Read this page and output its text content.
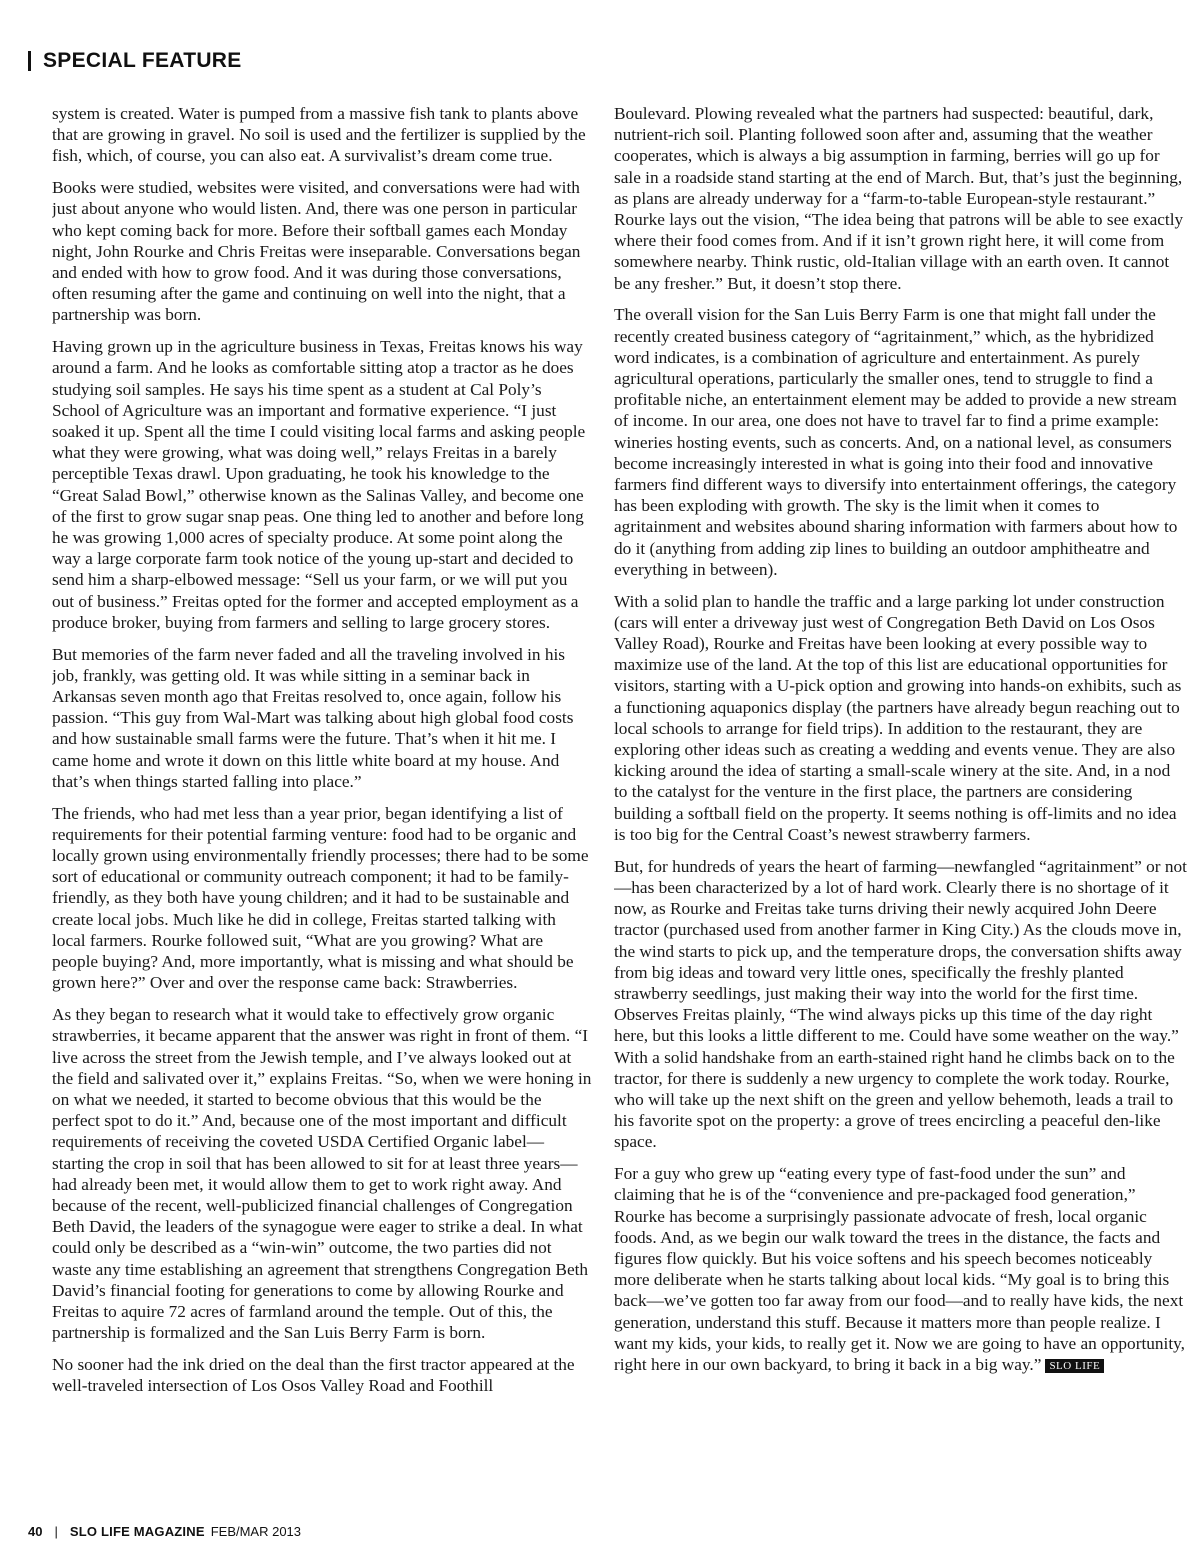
SPECIAL FEATURE

system is created. Water is pumped from a massive fish tank to plants above that are growing in gravel. No soil is used and the fertilizer is supplied by the fish, which, of course, you can also eat. A survivalist’s dream come true.

Books were studied, websites were visited, and conversations were had with just about anyone who would listen. And, there was one person in particular who kept coming back for more. Before their softball games each Monday night, John Rourke and Chris Freitas were inseparable. Conversations began and ended with how to grow food. And it was during those conversations, often resuming after the game and continuing on well into the night, that a partnership was born.

Having grown up in the agriculture business in Texas, Freitas knows his way around a farm. And he looks as comfortable sitting atop a tractor as he does studying soil samples. He says his time spent as a student at Cal Poly’s School of Agriculture was an important and formative experience. “I just soaked it up. Spent all the time I could visiting local farms and asking people what they were growing, what was doing well,” relays Freitas in a barely perceptible Texas drawl. Upon graduating, he took his knowledge to the “Great Salad Bowl,” otherwise known as the Salinas Valley, and become one of the first to grow sugar snap peas. One thing led to another and before long he was growing 1,000 acres of specialty produce. At some point along the way a large corporate farm took notice of the young up-start and decided to send him a sharp-elbowed message: “Sell us your farm, or we will put you out of business.” Freitas opted for the former and accepted employment as a produce broker, buying from farmers and selling to large grocery stores.

But memories of the farm never faded and all the traveling involved in his job, frankly, was getting old. It was while sitting in a seminar back in Arkansas seven month ago that Freitas resolved to, once again, follow his passion. “This guy from Wal-Mart was talking about high global food costs and how sustainable small farms were the future. That’s when it hit me. I came home and wrote it down on this little white board at my house. And that’s when things started falling into place.”

The friends, who had met less than a year prior, began identifying a list of requirements for their potential farming venture: food had to be organic and locally grown using environmentally friendly processes; there had to be some sort of educational or community outreach component; it had to be family-friendly, as they both have young children; and it had to be sustainable and create local jobs. Much like he did in college, Freitas started talking with local farmers. Rourke followed suit, “What are you growing? What are people buying? And, more importantly, what is missing and what should be grown here?” Over and over the response came back: Strawberries.

As they began to research what it would take to effectively grow organic strawberries, it became apparent that the answer was right in front of them. “I live across the street from the Jewish temple, and I’ve always looked out at the field and salivated over it,” explains Freitas. “So, when we were honing in on what we needed, it started to become obvious that this would be the perfect spot to do it.” And, because one of the most important and difficult requirements of receiving the coveted USDA Certified Organic label—starting the crop in soil that has been allowed to sit for at least three years—had already been met, it would allow them to get to work right away. And because of the recent, well-publicized financial challenges of Congregation Beth David, the leaders of the synagogue were eager to strike a deal. In what could only be described as a “win-win” outcome, the two parties did not waste any time establishing an agreement that strengthens Congregation Beth David’s financial footing for generations to come by allowing Rourke and Freitas to aquire 72 acres of farmland around the temple. Out of this, the partnership is formalized and the San Luis Berry Farm is born.

No sooner had the ink dried on the deal than the first tractor appeared at the well-traveled intersection of Los Osos Valley Road and Foothill

Boulevard. Plowing revealed what the partners had suspected: beautiful, dark, nutrient-rich soil. Planting followed soon after and, assuming that the weather cooperates, which is always a big assumption in farming, berries will go up for sale in a roadside stand starting at the end of March. But, that’s just the beginning, as plans are already underway for a “farm-to-table European-style restaurant.” Rourke lays out the vision, “The idea being that patrons will be able to see exactly where their food comes from. And if it isn’t grown right here, it will come from somewhere nearby. Think rustic, old-Italian village with an earth oven. It cannot be any fresher.” But, it doesn’t stop there.

The overall vision for the San Luis Berry Farm is one that might fall under the recently created business category of “agritainment,” which, as the hybridized word indicates, is a combination of agriculture and entertainment. As purely agricultural operations, particularly the smaller ones, tend to struggle to find a profitable niche, an entertainment element may be added to provide a new stream of income. In our area, one does not have to travel far to find a prime example: wineries hosting events, such as concerts. And, on a national level, as consumers become increasingly interested in what is going into their food and innovative farmers find different ways to diversify into entertainment offerings, the category has been exploding with growth. The sky is the limit when it comes to agritainment and websites abound sharing information with farmers about how to do it (anything from adding zip lines to building an outdoor amphitheatre and everything in between).

With a solid plan to handle the traffic and a large parking lot under construction (cars will enter a driveway just west of Congregation Beth David on Los Osos Valley Road), Rourke and Freitas have been looking at every possible way to maximize use of the land. At the top of this list are educational opportunities for visitors, starting with a U-pick option and growing into hands-on exhibits, such as a functioning aquaponics display (the partners have already begun reaching out to local schools to arrange for field trips). In addition to the restaurant, they are exploring other ideas such as creating a wedding and events venue. They are also kicking around the idea of starting a small-scale winery at the site. And, in a nod to the catalyst for the venture in the first place, the partners are considering building a softball field on the property. It seems nothing is off-limits and no idea is too big for the Central Coast’s newest strawberry farmers.

But, for hundreds of years the heart of farming—newfangled “agritainment” or not—has been characterized by a lot of hard work. Clearly there is no shortage of it now, as Rourke and Freitas take turns driving their newly acquired John Deere tractor (purchased used from another farmer in King City.) As the clouds move in, the wind starts to pick up, and the temperature drops, the conversation shifts away from big ideas and toward very little ones, specifically the freshly planted strawberry seedlings, just making their way into the world for the first time. Observes Freitas plainly, “The wind always picks up this time of the day right here, but this looks a little different to me. Could have some weather on the way.” With a solid handshake from an earth-stained right hand he climbs back on to the tractor, for there is suddenly a new urgency to complete the work today. Rourke, who will take up the next shift on the green and yellow behemoth, leads a trail to his favorite spot on the property: a grove of trees encircling a peaceful den-like space.

For a guy who grew up “eating every type of fast-food under the sun” and claiming that he is of the “convenience and pre-packaged food generation,” Rourke has become a surprisingly passionate advocate of fresh, local organic foods. And, as we begin our walk toward the trees in the distance, the facts and figures flow quickly. But his voice softens and his speech becomes noticeably more deliberate when he starts talking about local kids. “My goal is to bring this back—we’ve gotten too far away from our food—and to really have kids, the next generation, understand this stuff. Because it matters more than people realize. I want my kids, your kids, to really get it. Now we are going to have an opportunity, right here in our own backyard, to bring it back in a big way.” SLO LIFE

40 | SLO LIFE MAGAZINE FEB/MAR 2013
